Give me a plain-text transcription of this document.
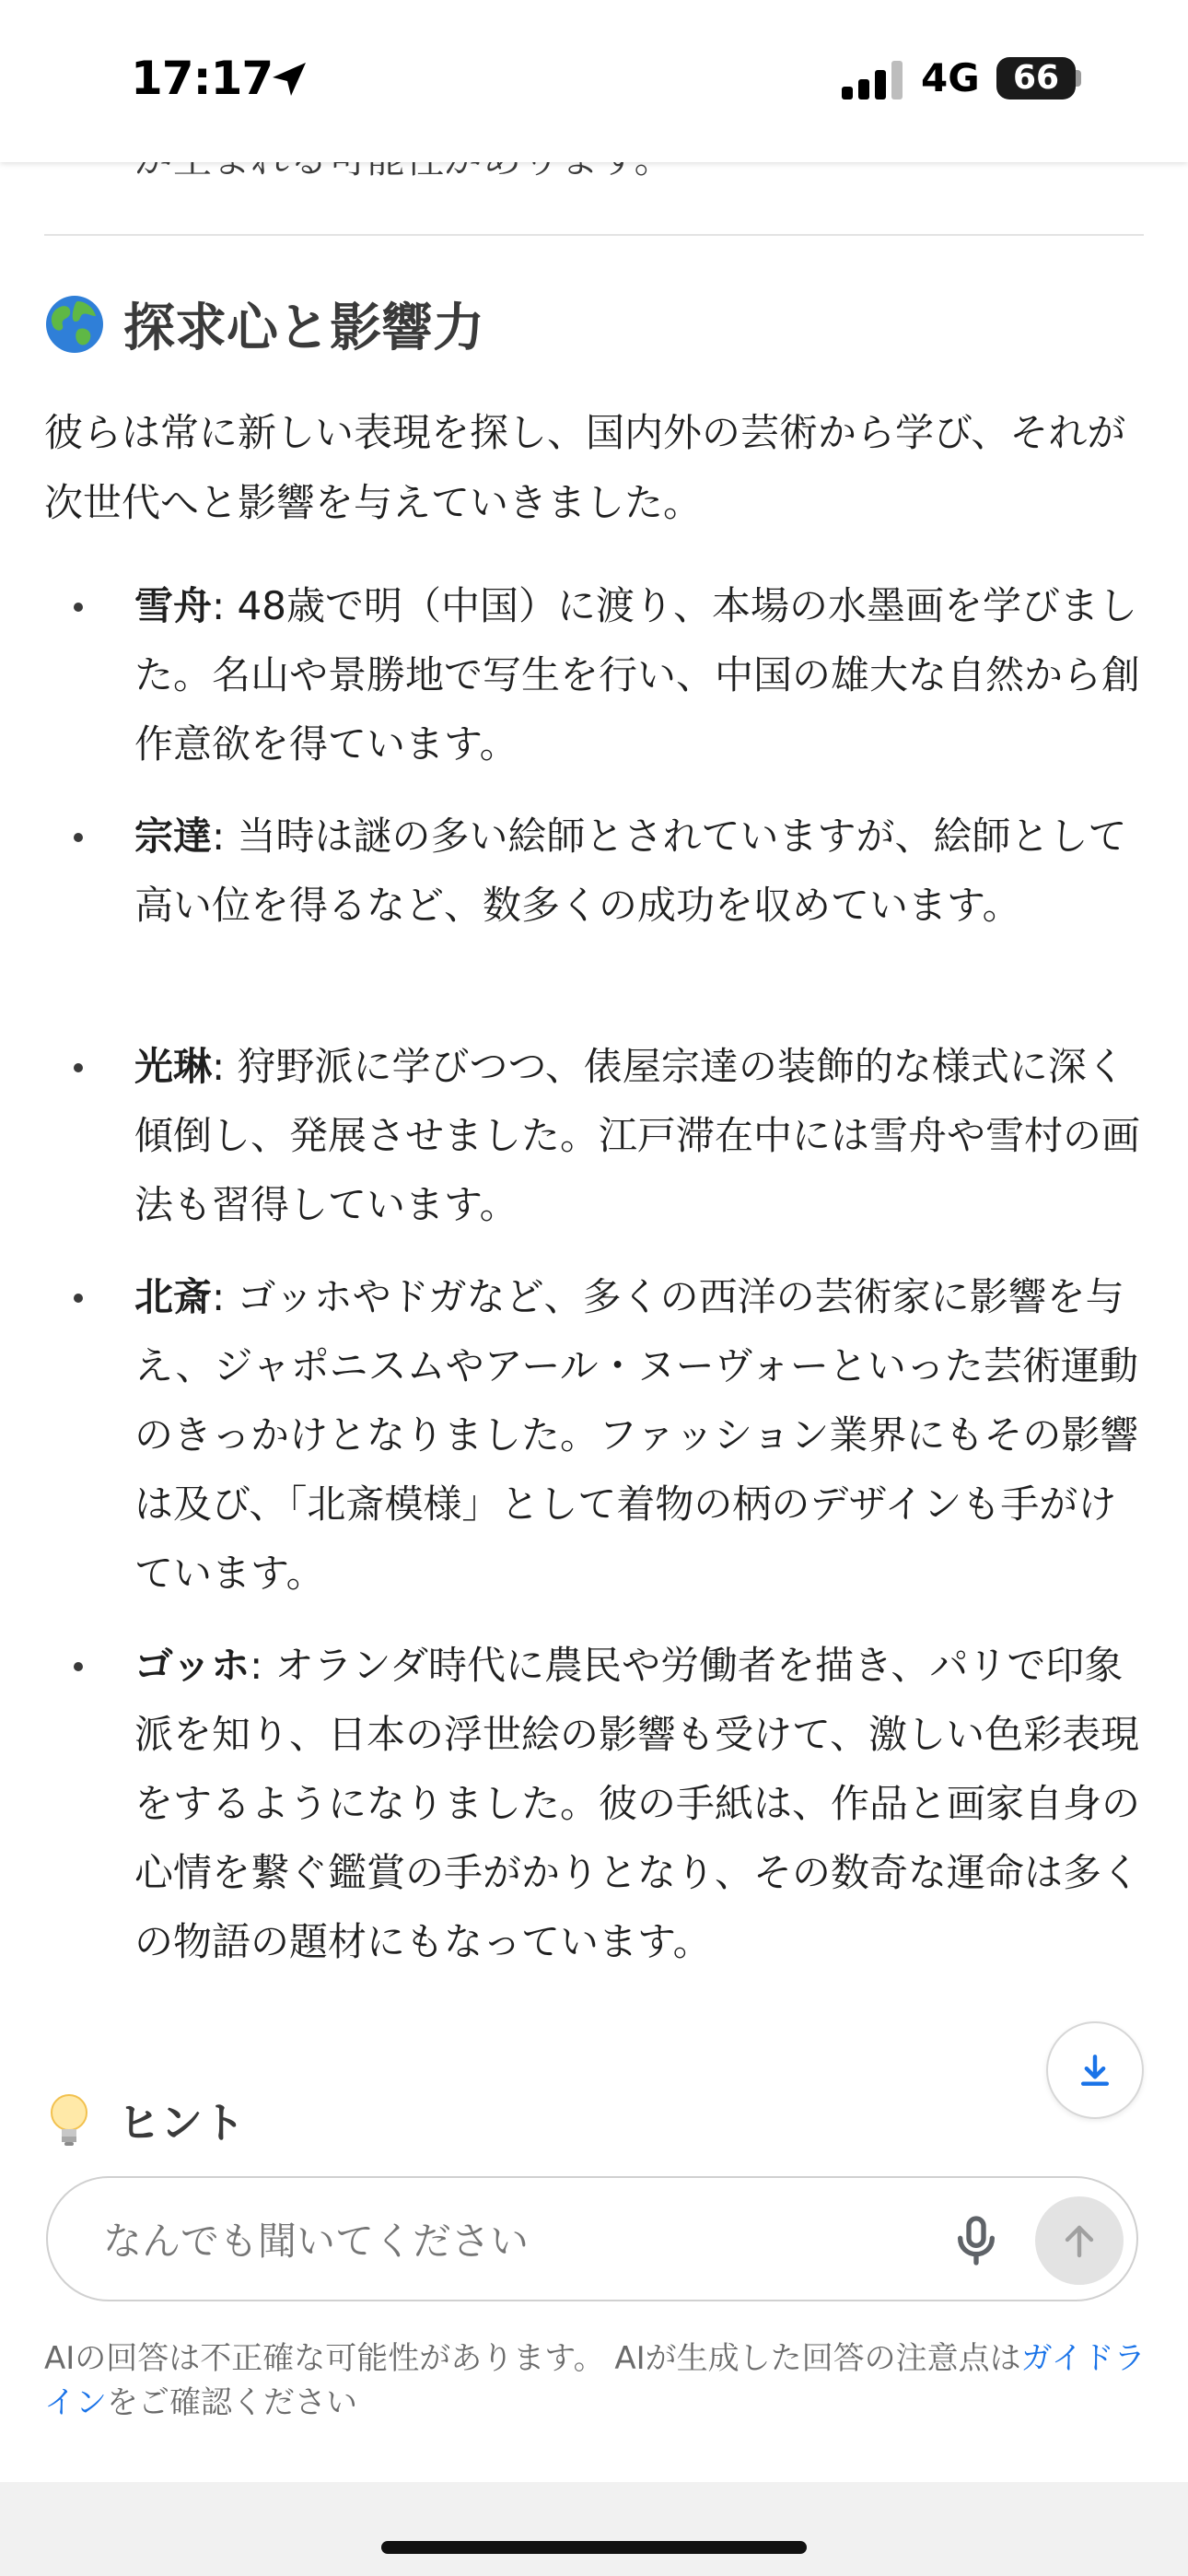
17:17	4G	66
探求心と影響力
彼らは常に新しい表現を探し、国内外の芸術から学び、それが次世代へと影響を与えていきました。
雪舟: 48歳で明（中国）に渡り、本場の水墨画を学びました。名山や景勝地で写生を行い、中国の雄大な自然から創作意欲を得ています。
宗達: 当時は謎の多い絵師とされていますが、絵師として高い位を得るなど、数多くの成功を収めています。
光琳: 狩野派に学びつつ、俵屋宗達の装飾的な様式に深く傾倒し、発展させました。江戸滞在中には雪舟や雪村の画法も習得しています。
北斎: ゴッホやドガなど、多くの西洋の芸術家に影響を与え、ジャポニスムやアール・ヌーヴォーといった芸術運動のきっかけとなりました。ファッション業界にもその影響は及び、「北斎模様」として着物の柄のデザインも手がけています。
ゴッホ: オランダ時代に農民や労働者を描き、パリで印象派を知り、日本の浮世絵の影響も受けて、激しい色彩表現をするようになりました。彼の手紙は、作品と画家自身の心情を繋ぐ鑑賞の手がかりとなり、その数奇な運命は多くの物語の題材にもなっています。
ヒント
なんでも聞いてください
AIの回答は不正確な可能性があります。 AIが生成した回答の注意点はガイドラインをご確認ください
